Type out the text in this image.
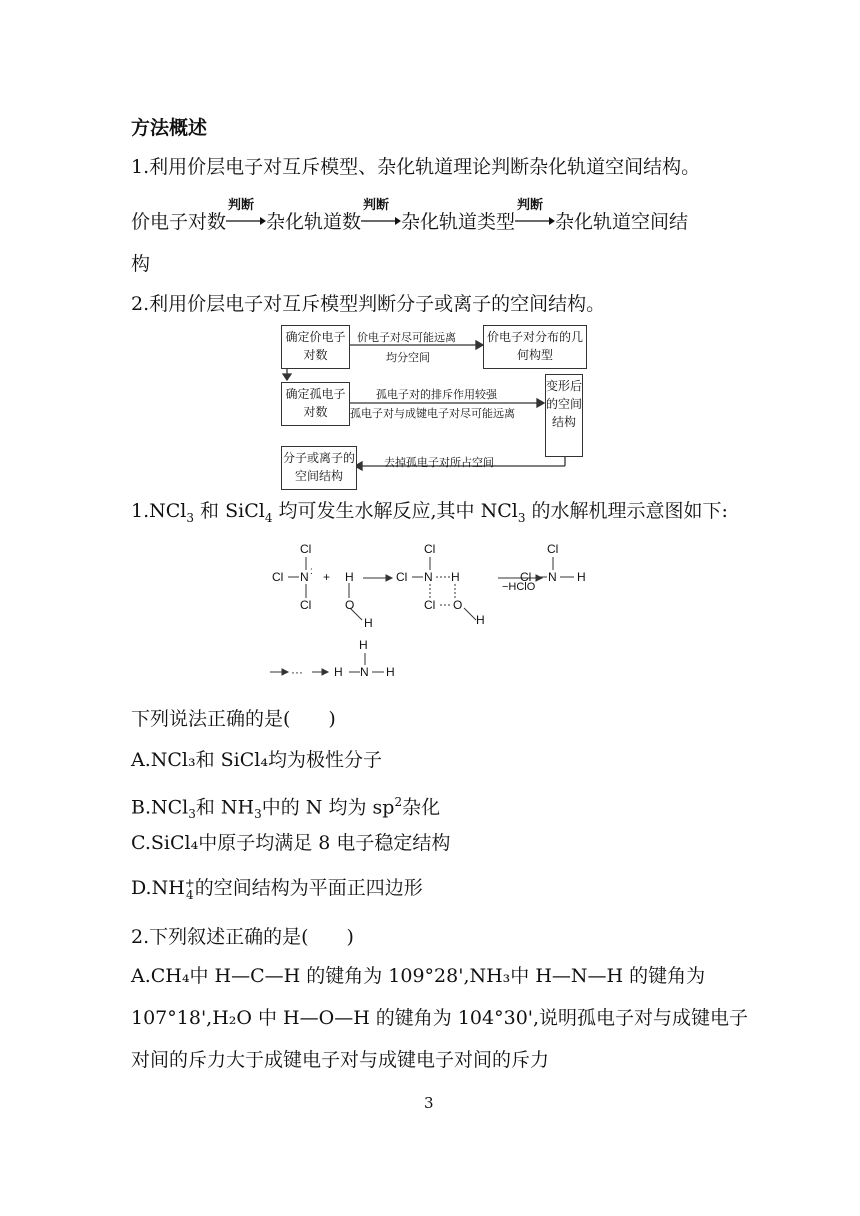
方法概述
1.利用价层电子对互斥模型、杂化轨道理论判断杂化轨道空间结构。
价电子对数
判断
杂化轨道数
判断
杂化轨道类型
判断
杂化轨道空间结
构
2.利用价层电子对互斥模型判断分子或离子的空间结构。
确定价电子对数
价电子对尽可能远离
均分空间
价电子对分布的几何构型
确定孤电子对数
孤电子对的排斥作用较强
孤电子对与成键电子对尽可能远离
变形后的空间结构
去掉孤电子对所占空间
分子或离子的空间结构
1.NCl$_3$ 和 SiCl$_4$ 均可发生水解反应,其中 NCl$_3$ 的水解机理示意图如下:
Cl
Cl N :
Cl
+ H
O
H
Cl
Cl N H
Cl O
H
−HClO
Cl
Cl N H
H
H N H
···
下列说法正确的是(　　)
A.NCl₃和 SiCl₄均为极性分子
B.NCl$_3$和 $NH_3$中的 N 均为 $sp^2$杂化
C.SiCl₄中原子均满足 8 电子稳定结构
D.NH +
4 的空间结构为平面正四边形
2.下列叙述正确的是(　　)
A.CH₄中 H—C—H 的键角为 109°28',NH₃中 H—N—H 的键角为
107°18',H₂O 中 H—O—H 的键角为 104°30',说明孤电子对与成键电子
对间的斥力大于成键电子对与成键电子对间的斥力
3
